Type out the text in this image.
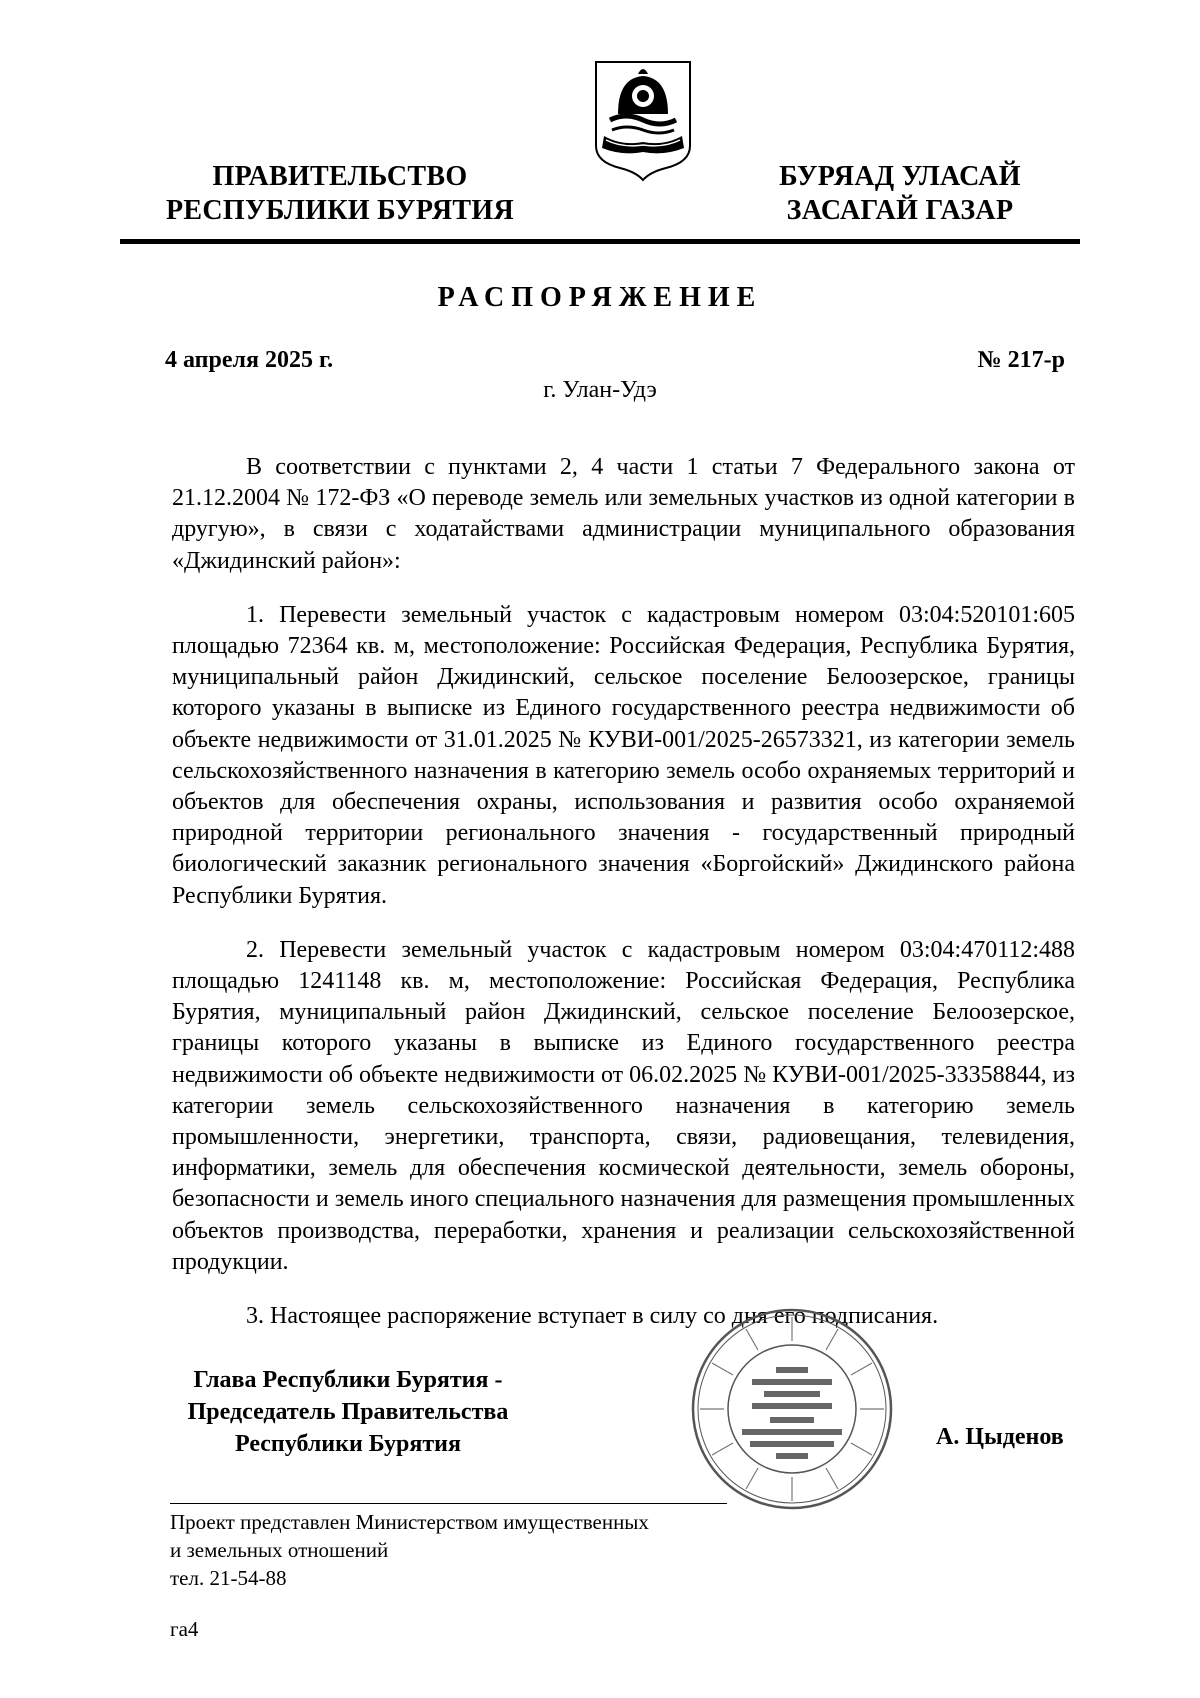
ПРАВИТЕЛЬСТВО
РЕСПУБЛИКИ БУРЯТИЯ
БУРЯАД УЛАСАЙ
ЗАСАГАЙ ГАЗАР
РАСПОРЯЖЕНИЕ
4 апреля 2025 г.	№ 217-р
г. Улан-Удэ

В соответствии с пунктами 2, 4 части 1 статьи 7 Федерального закона от 21.12.2004 № 172-ФЗ «О переводе земель или земельных участков из одной категории в другую», в связи с ходатайствами администрации муниципального образования «Джидинский район»:

1. Перевести земельный участок с кадастровым номером 03:04:520101:605 площадью 72364 кв. м, местоположение: Российская Федерация, Республика Бурятия, муниципальный район Джидинский, сельское поселение Белоозерское, границы которого указаны в выписке из Единого государственного реестра недвижимости об объекте недвижимости от 31.01.2025 № КУВИ-001/2025-26573321, из категории земель сельскохозяйственного назначения в категорию земель особо охраняемых территорий и объектов для обеспечения охраны, использования и развития особо охраняемой природной территории регионального значения - государственный природный биологический заказник регионального значения «Боргойский» Джидинского района Республики Бурятия.

2. Перевести земельный участок с кадастровым номером 03:04:470112:488 площадью 1241148 кв. м, местоположение: Российская Федерация, Республика Бурятия, муниципальный район Джидинский, сельское поселение Белоозерское, границы которого указаны в выписке из Единого государственного реестра недвижимости об объекте недвижимости от 06.02.2025 № КУВИ-001/2025-33358844, из категории земель сельскохозяйственного назначения в категорию земель промышленности, энергетики, транспорта, связи, радиовещания, телевидения, информатики, земель для обеспечения космической деятельности, земель обороны, безопасности и земель иного специального назначения для размещения промышленных объектов производства, переработки, хранения и реализации сельскохозяйственной продукции.

3. Настоящее распоряжение вступает в силу со дня его подписания.

Глава Республики Бурятия -
Председатель Правительства
Республики Бурятия	А. Цыденов
Проект представлен Министерством имущественных
и земельных отношений
тел. 21-54-88
га4
